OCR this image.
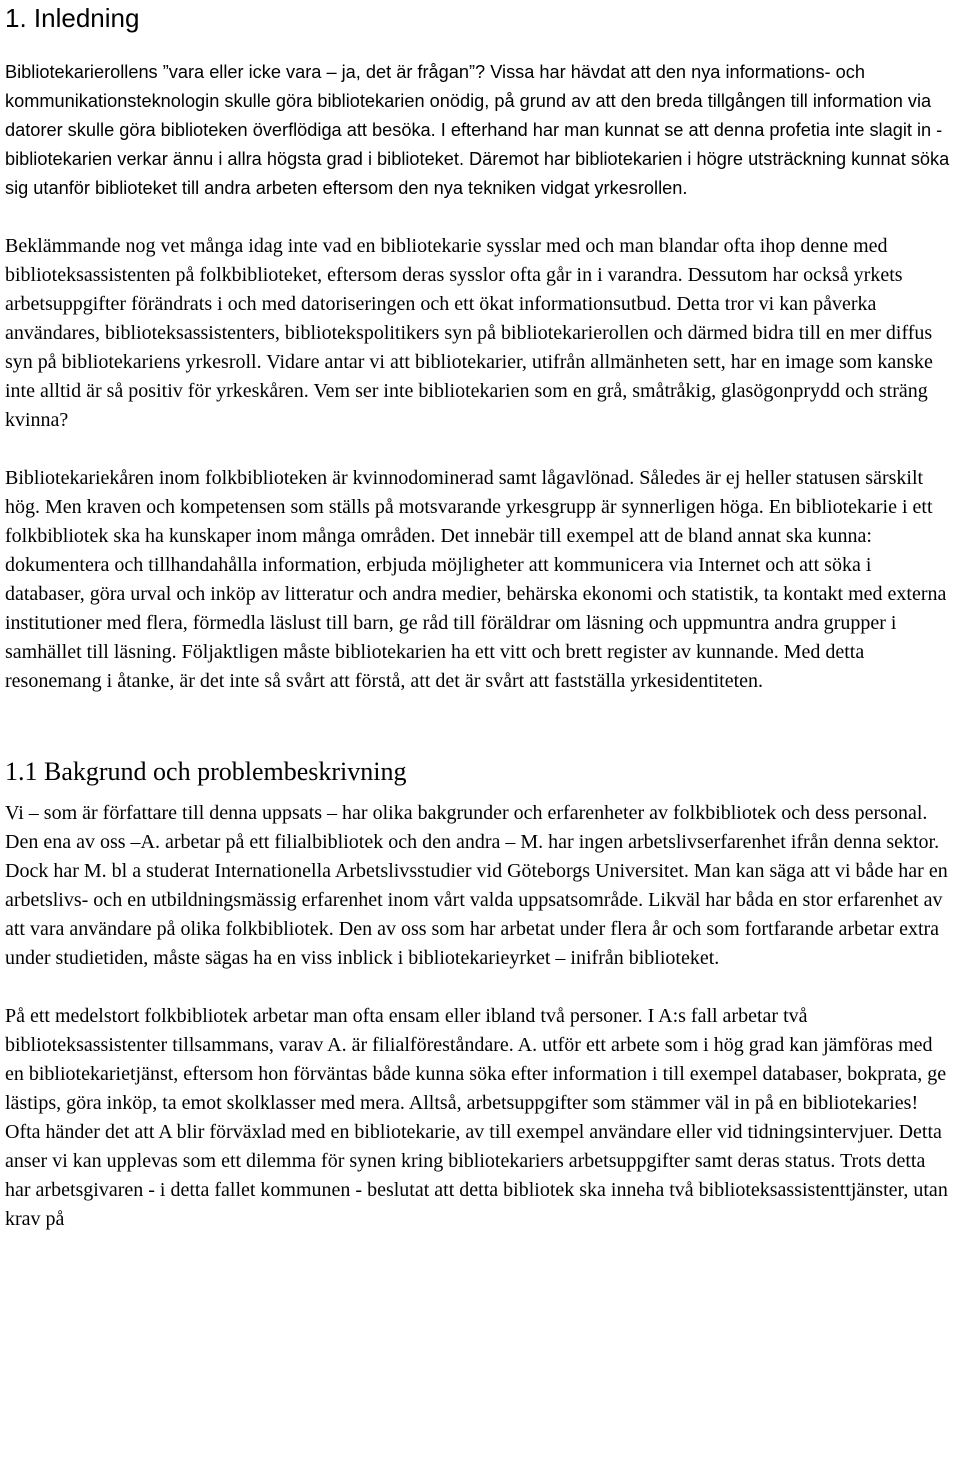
1. Inledning

Bibliotekarierollens ”vara eller icke vara – ja, det är frågan”? Vissa har hävdat att den nya informations- och kommunikationsteknologin skulle göra bibliotekarien onödig, på grund av att den breda tillgången till information via datorer skulle göra biblioteken överflödiga att besöka. I efterhand har man kunnat se att denna profetia inte slagit in - bibliotekarien verkar ännu i allra högsta grad i biblioteket. Däremot har bibliotekarien i högre utsträckning kunnat söka sig utanför biblioteket till andra arbeten eftersom den nya tekniken vidgat yrkesrollen.

Beklämmande nog vet många idag inte vad en bibliotekarie sysslar med och man blandar ofta ihop denne med biblioteksassistenten på folkbiblioteket, eftersom deras sysslor ofta går in i varandra. Dessutom har också yrkets arbetsuppgifter förändrats i och med datoriseringen och ett ökat informationsutbud. Detta tror vi kan påverka användares, biblioteksassistenters, bibliotekspolitikers syn på bibliotekarierollen och därmed bidra till en mer diffus syn på bibliotekariens yrkesroll. Vidare antar vi att bibliotekarier, utifrån allmänheten sett, har en image som kanske inte alltid är så positiv för yrkeskåren. Vem ser inte bibliotekarien som en grå, småtråkig, glasögonprydd och sträng kvinna?

Bibliotekariekåren inom folkbiblioteken är kvinnodominerad samt lågavlönad. Således är ej heller statusen särskilt hög. Men kraven och kompetensen som ställs på motsvarande yrkesgrupp är synnerligen höga. En bibliotekarie i ett folkbibliotek ska ha kunskaper inom många områden. Det innebär till exempel att de bland annat ska kunna: dokumentera och tillhandahålla information, erbjuda möjligheter att kommunicera via Internet och att söka i databaser, göra urval och inköp av litteratur och andra medier, behärska ekonomi och statistik, ta kontakt med externa institutioner med flera, förmedla läslust till barn, ge råd till föräldrar om läsning och uppmuntra andra grupper i samhället till läsning. Följaktligen måste bibliotekarien ha ett vitt och brett register av kunnande. Med detta resonemang i åtanke, är det inte så svårt att förstå, att det är svårt att fastställa yrkesidentiteten.

1.1 Bakgrund och problembeskrivning

Vi – som är författare till denna uppsats – har olika bakgrunder och erfarenheter av folkbibliotek och dess personal. Den ena av oss –A. arbetar på ett filialbibliotek och den andra – M. har ingen arbetslivserfarenhet ifrån denna sektor. Dock har M. bl a studerat Internationella Arbetslivsstudier vid Göteborgs Universitet. Man kan säga att vi både har en arbetslivs- och en utbildningsmässig erfarenhet inom vårt valda uppsatsområde. Likväl har båda en stor erfarenhet av att vara användare på olika folkbibliotek. Den av oss som har arbetat under flera år och som fortfarande arbetar extra under studietiden, måste sägas ha en viss inblick i bibliotekarieyrket – inifrån biblioteket.

På ett medelstort folkbibliotek arbetar man ofta ensam eller ibland två personer. I A:s fall arbetar två biblioteksassistenter tillsammans, varav A. är filialföreståndare. A. utför ett arbete som i hög grad kan jämföras med en bibliotekarietjänst, eftersom hon förväntas både kunna söka efter information i till exempel databaser, bokprata, ge lästips, göra inköp, ta emot skolklasser med mera. Alltså, arbetsuppgifter som stämmer väl in på en bibliotekaries! Ofta händer det att A blir förväxlad med en bibliotekarie, av till exempel användare eller vid tidningsintervjuer. Detta anser vi kan upplevas som ett dilemma för synen kring bibliotekariers arbetsuppgifter samt deras status. Trots detta har arbetsgivaren - i detta fallet kommunen - beslutat att detta bibliotek ska inneha två biblioteksassistenttjänster, utan krav på
